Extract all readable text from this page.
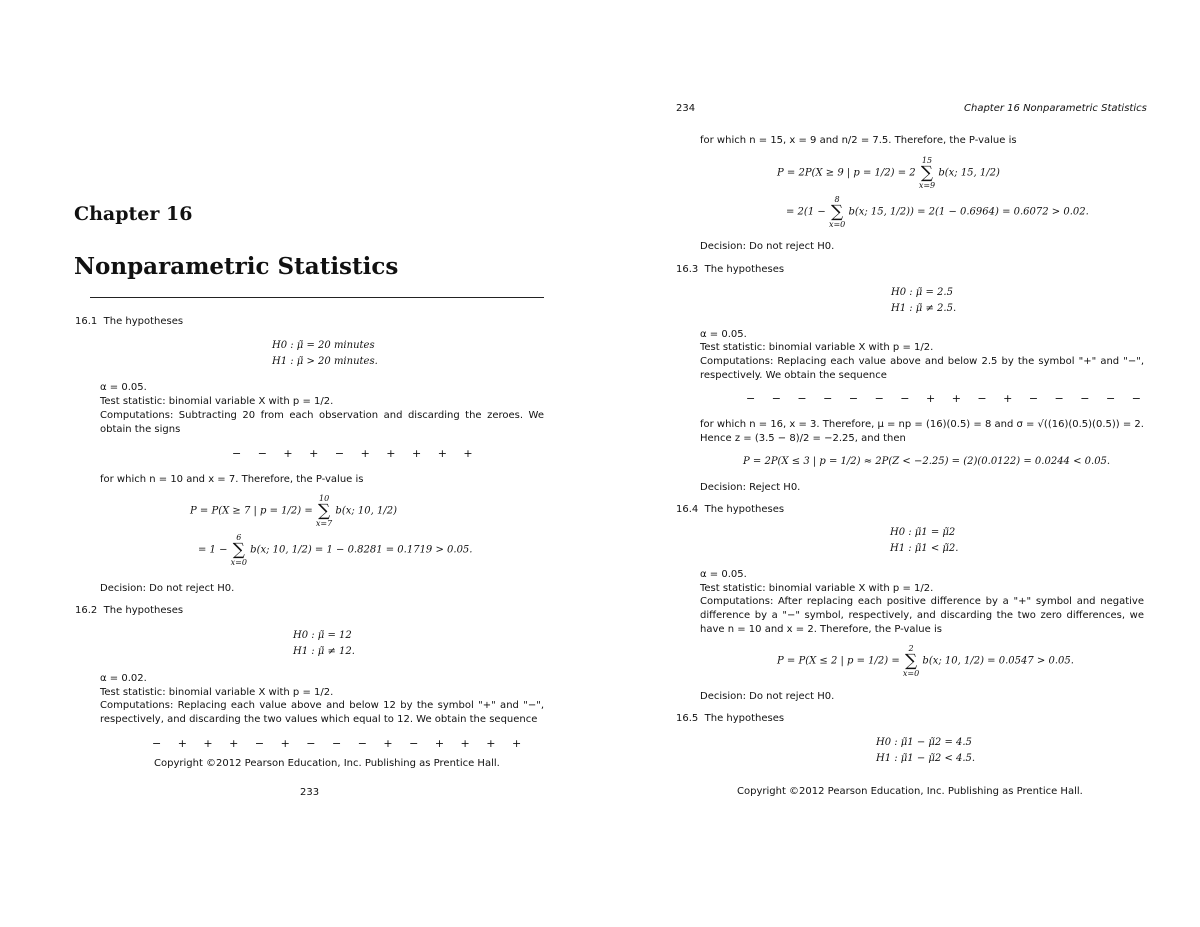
Chapter 16
Nonparametric Statistics
16.1 The hypotheses
H0 : μ̃ = 20 minutes
H1 : μ̃ > 20 minutes.
α = 0.05.
Test statistic: binomial variable X with p = 1/2.
Computations: Subtracting 20 from each observation and discarding the zeroes. We obtain the signs
− − + + − + + + + +
for which n = 10 and x = 7. Therefore, the P-value is
P = P(X ≥ 7 | p = 1/2) = 10
∑
x=7 b(x; 10, 1/2)
= 1 − 6
∑
x=0 b(x; 10, 1/2) = 1 − 0.8281 = 0.1719 > 0.05.
Decision: Do not reject H0.
16.2 The hypotheses
H0 : μ̃ = 12
H1 : μ̃ ≠ 12.
α = 0.02.
Test statistic: binomial variable X with p = 1/2.
Computations: Replacing each value above and below 12 by the symbol "+" and "−", respectively, and discarding the two values which equal to 12. We obtain the sequence
− + + + − + − − − + − + + + +
Copyright ©2012 Pearson Education, Inc. Publishing as Prentice Hall.
233
234	Chapter 16 Nonparametric Statistics
for which n = 15, x = 9 and n/2 = 7.5. Therefore, the P-value is
P = 2P(X ≥ 9 | p = 1/2) = 2 15
∑
x=9 b(x; 15, 1/2)
= 2(1 − 8
∑
x=0 b(x; 15, 1/2)) = 2(1 − 0.6964) = 0.6072 > 0.02.
Decision: Do not reject H0.
16.3 The hypotheses
H0 : μ̃ = 2.5
H1 : μ̃ ≠ 2.5.
α = 0.05.
Test statistic: binomial variable X with p = 1/2.
Computations: Replacing each value above and below 2.5 by the symbol "+" and "−", respectively. We obtain the sequence
− − − − − − − + + − + − − − − −
for which n = 16, x = 3. Therefore, μ = np = (16)(0.5) = 8 and σ = √((16)(0.5)(0.5)) = 2.
Hence z = (3.5 − 8)/2 = −2.25, and then
P = 2P(X ≤ 3 | p = 1/2) ≈ 2P(Z < −2.25) = (2)(0.0122) = 0.0244 < 0.05.
Decision: Reject H0.
16.4 The hypotheses
H0 : μ̃1 = μ̃2
H1 : μ̃1 < μ̃2.
α = 0.05.
Test statistic: binomial variable X with p = 1/2.
Computations: After replacing each positive difference by a "+" symbol and negative difference by a "−" symbol, respectively, and discarding the two zero differences, we have n = 10 and x = 2. Therefore, the P-value is
P = P(X ≤ 2 | p = 1/2) = 2
∑
x=0 b(x; 10, 1/2) = 0.0547 > 0.05.
Decision: Do not reject H0.
16.5 The hypotheses
H0 : μ̃1 − μ̃2 = 4.5
H1 : μ̃1 − μ̃2 < 4.5.
Copyright ©2012 Pearson Education, Inc. Publishing as Prentice Hall.
